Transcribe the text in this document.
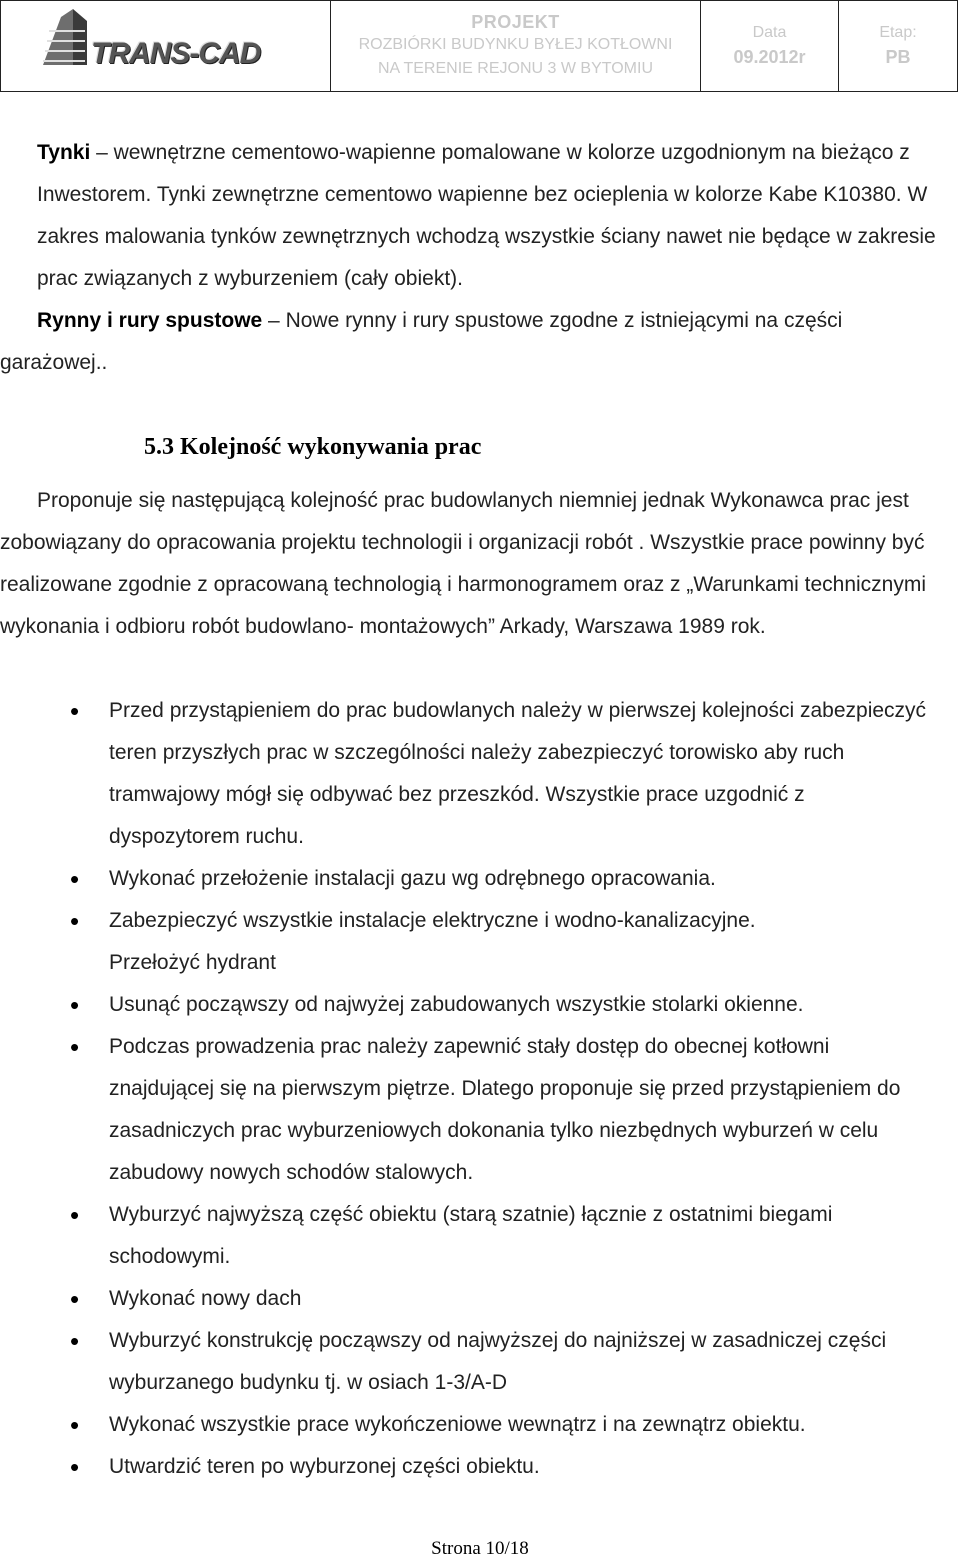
TRANS-CAD
PROJEKT
ROZBIÓRKI BUDYNKU BYŁEJ KOTŁOWNI
NA TERENIE REJONU 3 W BYTOMIU
Data
09.2012r
Etap:
PB
Tynki – wewnętrzne cementowo-wapienne pomalowane w kolorze uzgodnionym na bieżąco z Inwestorem. Tynki zewnętrzne cementowo wapienne bez ocieplenia w kolorze Kabe K10380. W zakres malowania tynków zewnętrznych wchodzą wszystkie ściany nawet nie będące w zakresie prac związanych z wyburzeniem (cały obiekt).
Rynny i rury spustowe – Nowe rynny i rury spustowe zgodne z istniejącymi na części garażowej..
5.3 Kolejność wykonywania prac
Proponuje się następującą kolejność prac budowlanych niemniej jednak Wykonawca prac jest zobowiązany do opracowania projektu technologii i organizacji robót . Wszystkie prace powinny być realizowane zgodnie z opracowaną technologią i harmonogramem oraz z „Warunkami technicznymi wykonania i odbioru robót budowlano- montażowych” Arkady, Warszawa 1989 rok.
• Przed przystąpieniem do prac budowlanych należy w pierwszej kolejności zabezpieczyć teren przyszłych prac w szczególności należy zabezpieczyć torowisko aby ruch tramwajowy mógł się odbywać bez przeszkód. Wszystkie prace uzgodnić z dyspozytorem ruchu.
• Wykonać przełożenie instalacji gazu wg odrębnego opracowania.
• Zabezpieczyć wszystkie instalacje elektryczne i wodno-kanalizacyjne.
Przełożyć hydrant
• Usunąć począwszy od najwyżej zabudowanych wszystkie stolarki okienne.
• Podczas prowadzenia prac należy zapewnić stały dostęp do obecnej kotłowni znajdującej się na pierwszym piętrze. Dlatego proponuje się przed przystąpieniem do zasadniczych prac wyburzeniowych dokonania tylko niezbędnych wyburzeń w celu zabudowy nowych schodów stalowych.
• Wyburzyć najwyższą część obiektu (starą szatnie) łącznie z ostatnimi biegami schodowymi.
• Wykonać nowy dach
• Wyburzyć konstrukcję począwszy od najwyższej do najniższej w zasadniczej części wyburzanego budynku tj. w osiach 1-3/A-D
• Wykonać wszystkie prace wykończeniowe wewnątrz i na zewnątrz obiektu.
• Utwardzić teren po wyburzonej części obiektu.
Strona 10/18
